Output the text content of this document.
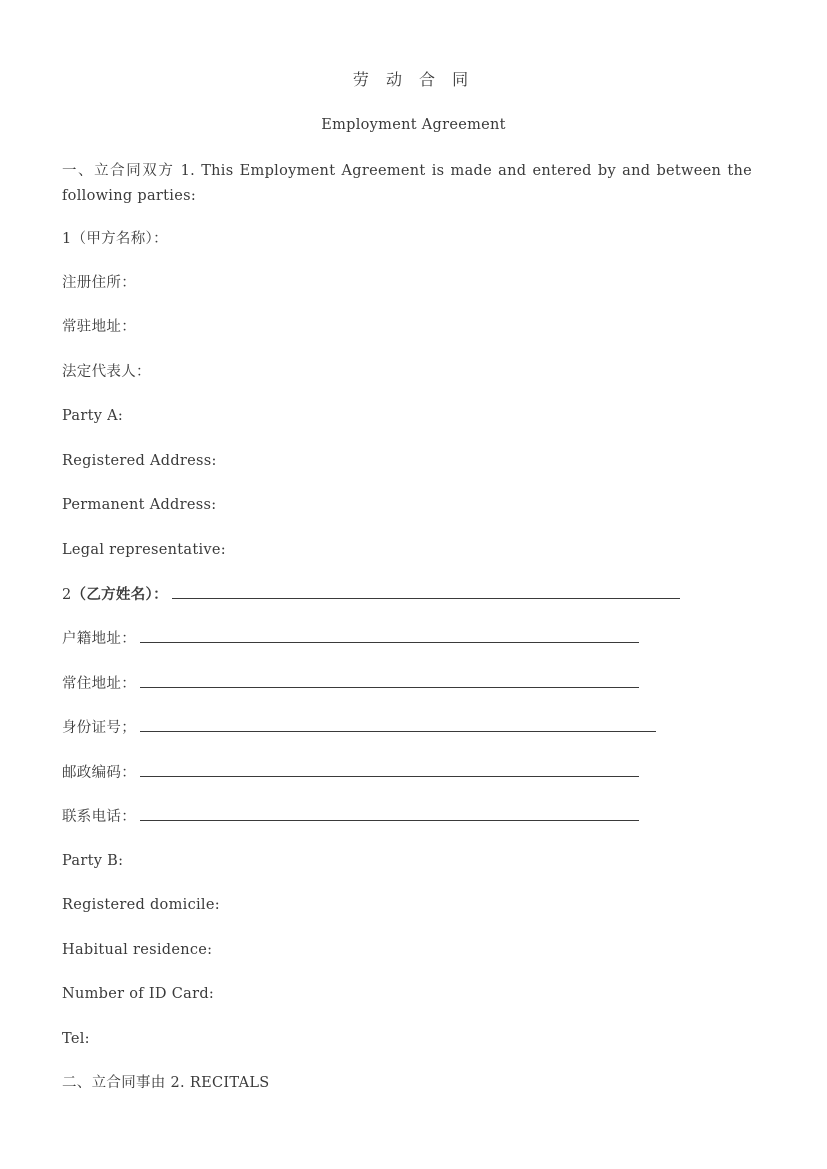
劳 动 合 同
Employment Agreement
一、立合同双方 1. This Employment Agreement is made and entered by and between the following parties:
1（甲方名称）：
注册住所：
常驻地址：
法定代表人：
Party A:
Registered Address:
Permanent Address:
Legal representative:
2（乙方姓名）：
户籍地址：
常住地址：
身份证号；
邮政编码：
联系电话：
Party B:
Registered domicile:
Habitual residence:
Number of ID Card:
Tel:
二、立合同事由 2. RECITALS
